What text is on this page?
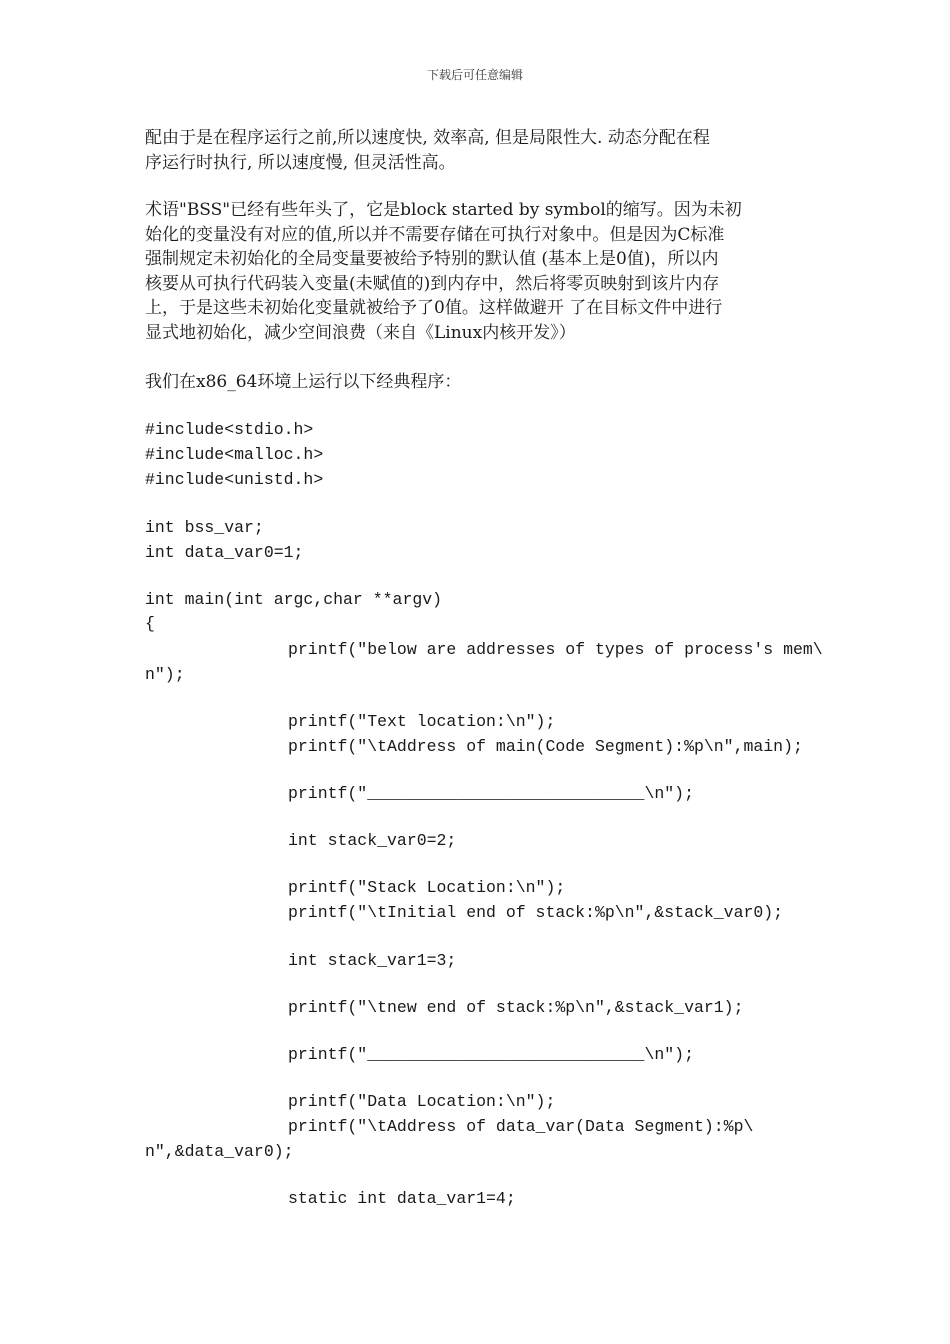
下载后可任意编辑
配由于是在程序运行之前,所以速度快, 效率高, 但是局限性大. 动态分配在程
序运行时执行, 所以速度慢, 但灵活性高。
术语"BSS"已经有些年头了，它是block started by symbol的缩写。因为未初
始化的变量没有对应的值,所以并不需要存储在可执行对象中。但是因为C标准
强制规定未初始化的全局变量要被给予特别的默认值 (基本上是0值)，所以内
核要从可执行代码装入变量(未赋值的)到内存中，然后将零页映射到该片内存
上，于是这些未初始化变量就被给予了0值。这样做避开 了在目标文件中进行
显式地初始化，减少空间浪费（来自《Linux内核开发》）
我们在x86_64环境上运行以下经典程序：
#include<stdio.h>
#include<malloc.h>
#include<unistd.h>
int bss_var;
int data_var0=1;
int main(int argc,char **argv)
{
printf("below are addresses of types of process's mem\
n");
printf("Text location:\n");
printf("\tAddress of main(Code Segment):%p\n",main);
printf("____________________________\n");
int stack_var0=2;
printf("Stack Location:\n");
printf("\tInitial end of stack:%p\n",&stack_var0);
int stack_var1=3;
printf("\tnew end of stack:%p\n",&stack_var1);
printf("____________________________\n");
printf("Data Location:\n");
printf("\tAddress of data_var(Data Segment):%p\
n",&data_var0);
static int data_var1=4;
